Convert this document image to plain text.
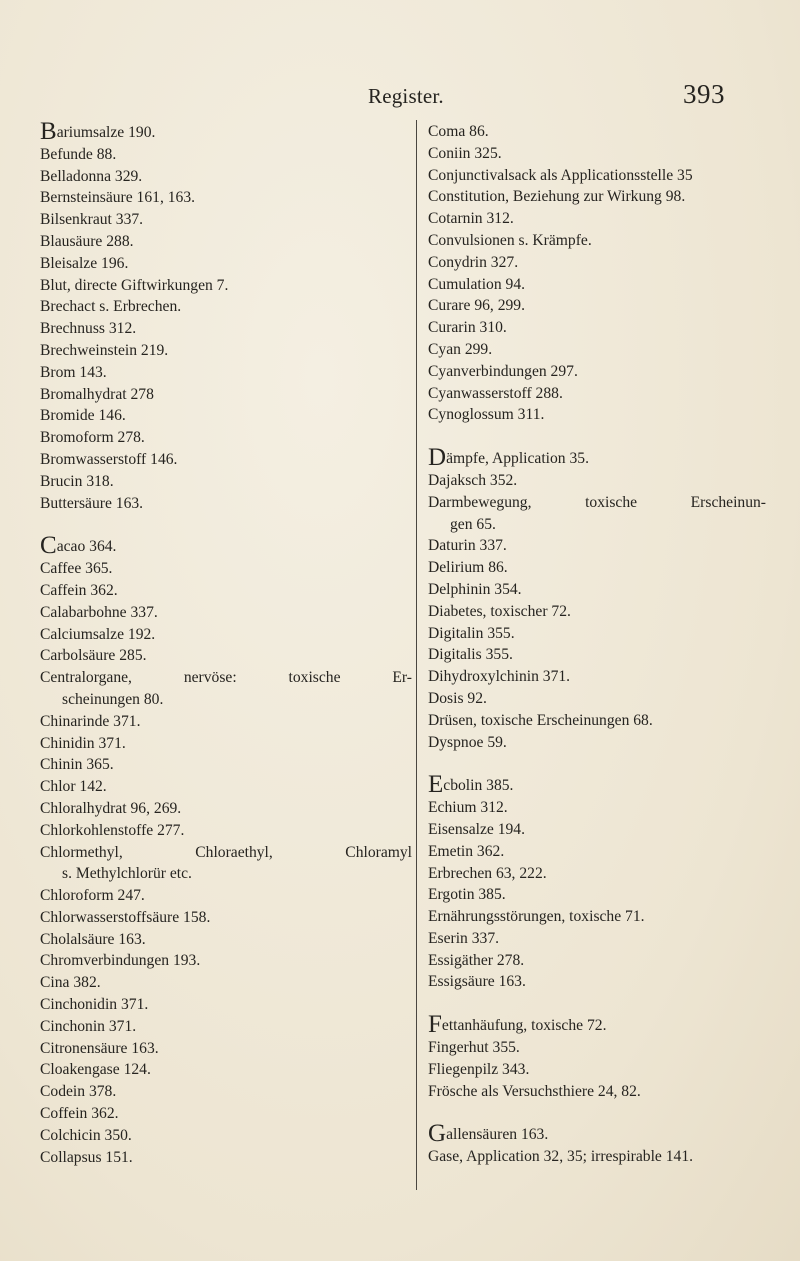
Register.	393
Bariumsalze 190.
Befunde 88.
Belladonna 329.
Bernsteinsäure 161, 163.
Bilsenkraut 337.
Blausäure 288.
Bleisalze 196.
Blut, directe Giftwirkungen 7.
Brechact s. Erbrechen.
Brechnuss 312.
Brechweinstein 219.
Brom 143.
Bromalhydrat 278
Bromide 146.
Bromoform 278.
Bromwasserstoff 146.
Brucin 318.
Buttersäure 163.
Cacao 364.
Caffee 365.
Caffein 362.
Calabarbohne 337.
Calciumsalze 192.
Carbolsäure 285.
Centralorgane,	nervöse:	toxische	Er-
scheinungen 80.
Chinarinde 371.
Chinidin 371.
Chinin 365.
Chlor 142.
Chloralhydrat 96, 269.
Chlorkohlenstoffe 277.
Chlormethyl,	Chloraethyl,	Chloramyl
s. Methylchlorür etc.
Chloroform 247.
Chlorwasserstoffsäure 158.
Cholalsäure 163.
Chromverbindungen 193.
Cina 382.
Cinchonidin 371.
Cinchonin 371.
Citronensäure 163.
Cloakengase 124.
Codein 378.
Coffein 362.
Colchicin 350.
Collapsus 151.
Coma 86.
Coniin 325.
Conjunctivalsack als Applicationsstelle 35
Constitution, Beziehung zur Wirkung 98.
Cotarnin 312.
Convulsionen s. Krämpfe.
Conydrin 327.
Cumulation 94.
Curare 96, 299.
Curarin 310.
Cyan 299.
Cyanverbindungen 297.
Cyanwasserstoff 288.
Cynoglossum 311.
Dämpfe, Application 35.
Dajaksch 352.
Darmbewegung,	toxische	Erscheinun-
gen 65.
Daturin 337.
Delirium 86.
Delphinin 354.
Diabetes, toxischer 72.
Digitalin 355.
Digitalis 355.
Dihydroxylchinin 371.
Dosis 92.
Drüsen, toxische Erscheinungen 68.
Dyspnoe 59.
Ecbolin 385.
Echium 312.
Eisensalze 194.
Emetin 362.
Erbrechen 63, 222.
Ergotin 385.
Ernährungsstörungen, toxische 71.
Eserin 337.
Essigäther 278.
Essigsäure 163.
Fettanhäufung, toxische 72.
Fingerhut 355.
Fliegenpilz 343.
Frösche als Versuchsthiere 24, 82.
Gallensäuren 163.
Gase, Application 32, 35; irrespirable 141.
